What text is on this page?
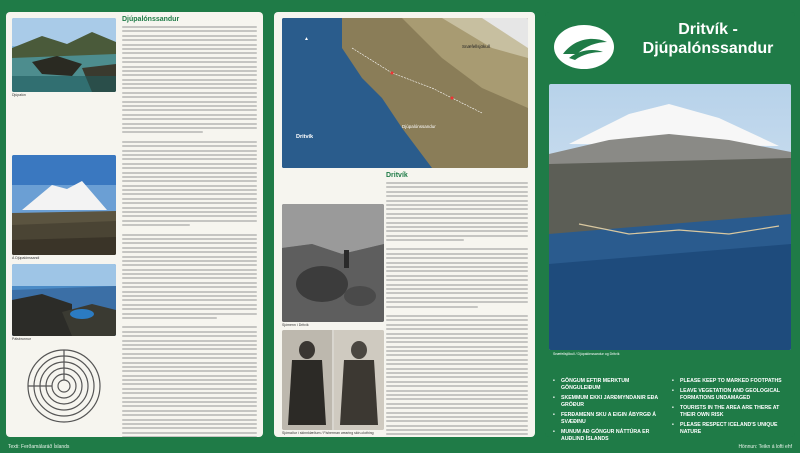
Djúpalón
Á Djúpalónssandi
Pálsbrunnur
Djúpalónssandur
▲
Dritvík
Djúpalónssandur
Snæfellsjökull
Dritvík
Sjómenn í Dritvík
Sjómaður í skinnklæðum / Fisherman wearing skin-clothing
Dritvík -
Djúpalónssandur
Snæfellsjökull / Djúpalónssandur og Dritvík
• GÖNGUM EFTIR MERKTUM GÖNGULEIÐUM
• SKEMMUM EKKI JARÐMYNDANIR EÐA GRÓÐUR
• FERÐAMENN SKU A EIGIN ÁBYRGÐ Á SVÆÐINU
• MUNUM AÐ GÓNGUR NÁTTÚRA ER AUÐLIND ÍSLANDS
• PLEASE KEEP TO MARKED FOOTPATHS
• LEAVE VEGETATION AND GEOLOGICAL FORMATIONS UNDAMAGED
• TOURISTS IN THE AREA ARE THERE AT THEIR OWN RISK
• PLEASE RESPECT ICELAND'S UNIQUE NATURE
Texti: Ferðamálaráð Íslands	Hönnun: Teikn á lofti ehf
